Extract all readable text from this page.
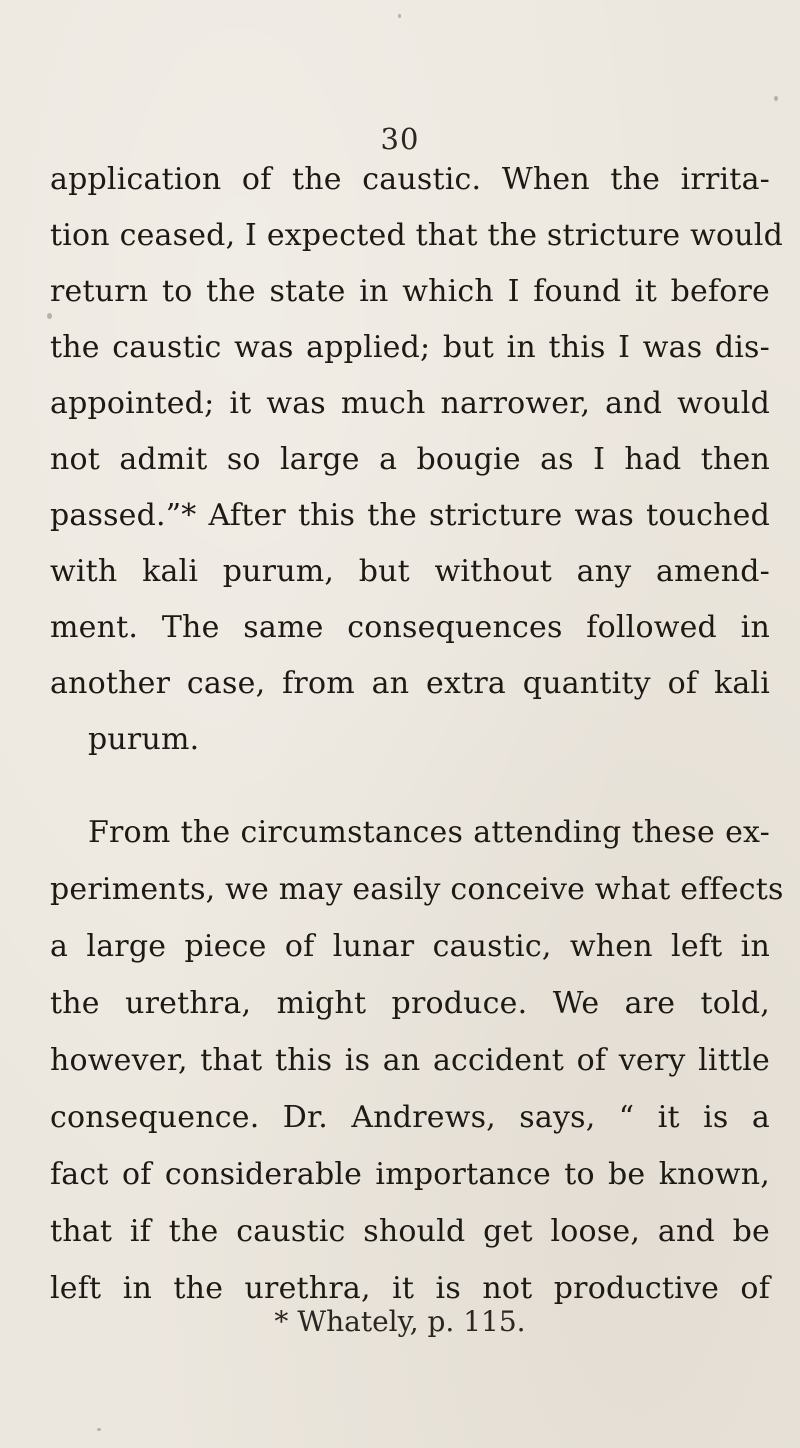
30
application of the caustic. When the irrita-
tion ceased, I expected that the stricture would
return to the state in which I found it before
the caustic was applied; but in this I was dis-
appointed; it was much narrower, and would
not admit so large a bougie as I had then
passed.”* After this the stricture was touched
with kali purum, but without any amend-
ment. The same consequences followed in
another case, from an extra quantity of kali
purum.
From the circumstances attending these ex-
periments, we may easily conceive what effects
a large piece of lunar caustic, when left in
the urethra, might produce. We are told,
however, that this is an accident of very little
consequence. Dr. Andrews, says, “ it is a
fact of considerable importance to be known,
that if the caustic should get loose, and be
left in the urethra, it is not productive of
* Whately, p. 115.
